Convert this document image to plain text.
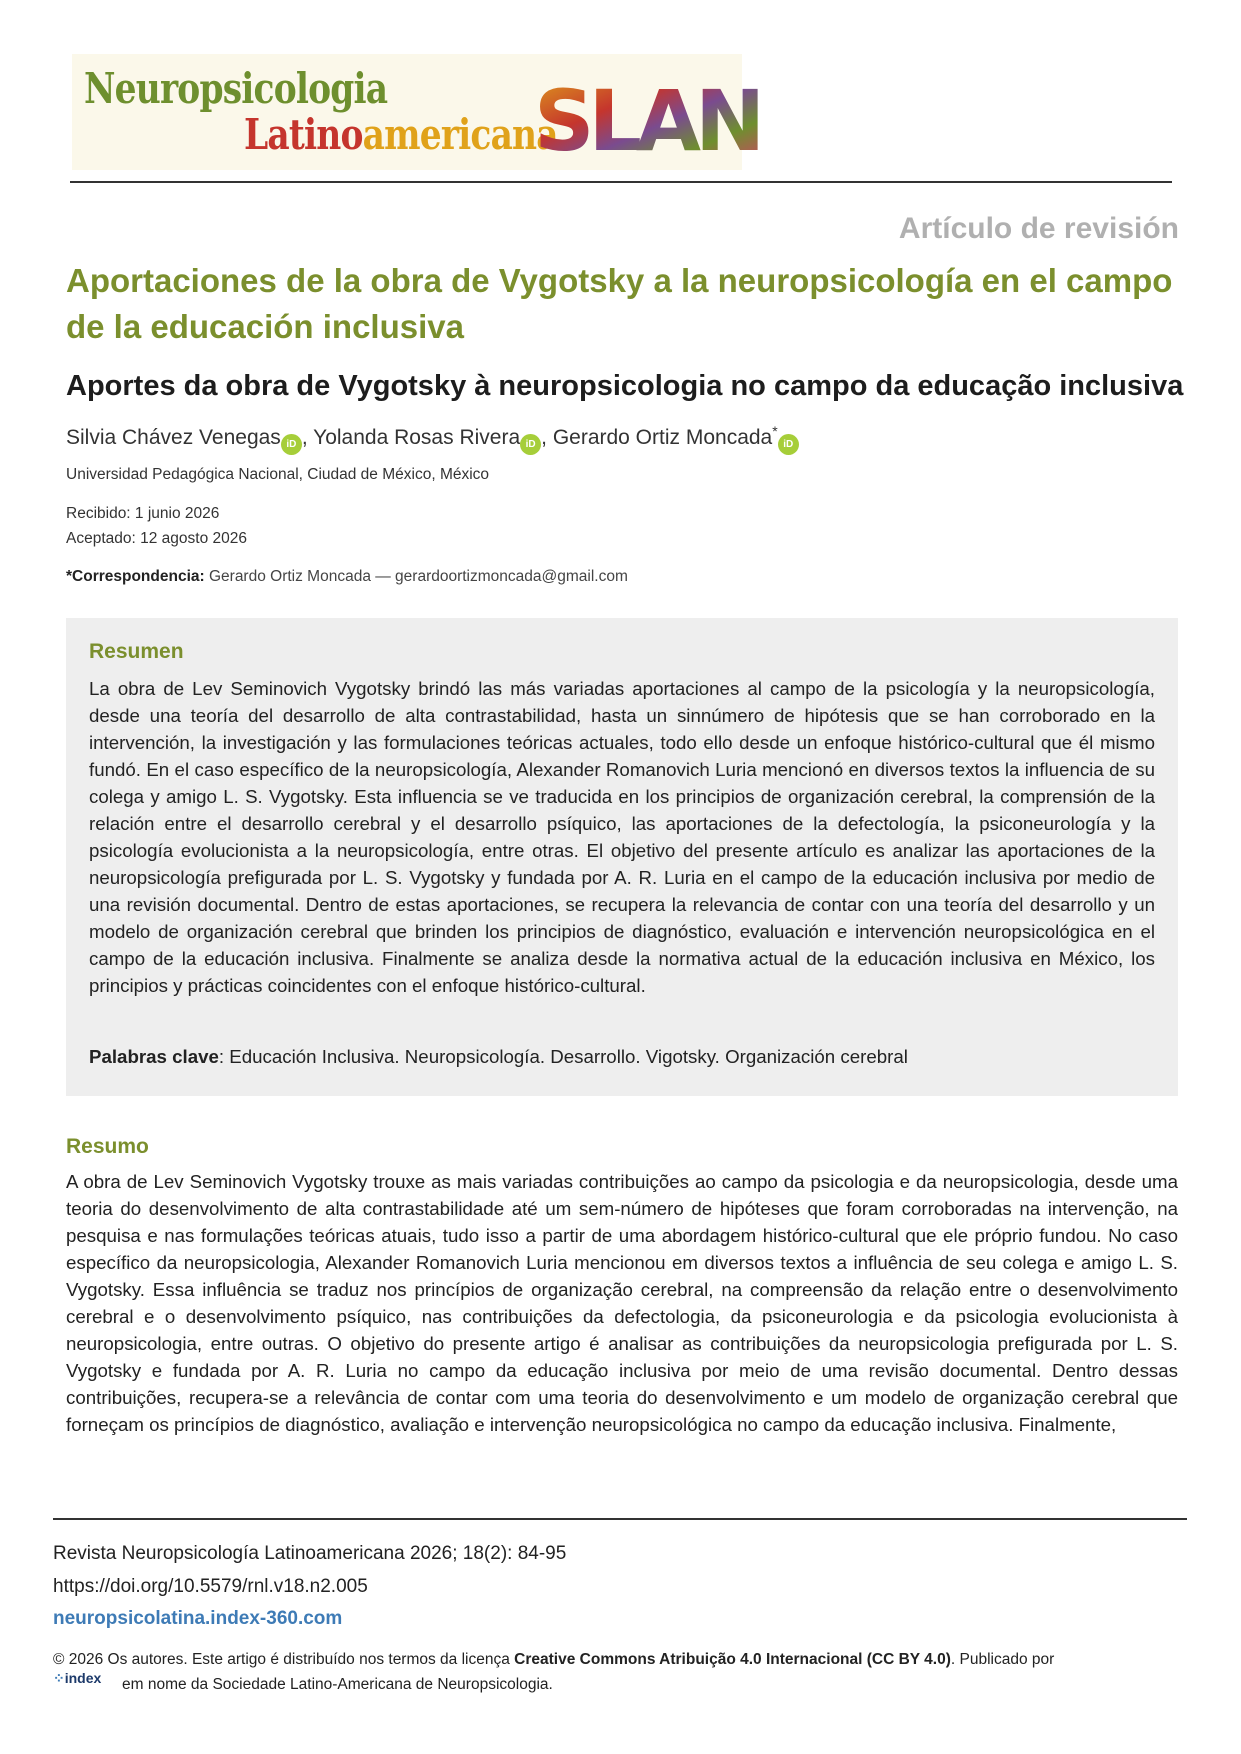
Neuropsicologia
Latinoamericana
SLAN
Artículo de revisión
Aportaciones de la obra de Vygotsky a la neuropsicología en el campo de la educación inclusiva
Aportes da obra de Vygotsky à neuropsicologia no campo da educação inclusiva
Silvia Chávez Venegas iD , Yolanda Rosas Rivera iD , Gerardo Ortiz Moncada*iD
Universidad Pedagógica Nacional, Ciudad de México, México
Recibido: 1 junio 2026
Aceptado: 12 agosto 2026
*Correspondencia: Gerardo Ortiz Moncada — gerardoortizmoncada@gmail.com
Resumen
La obra de Lev Seminovich Vygotsky brindó las más variadas aportaciones al campo de la psicología y la neuropsicología, desde una teoría del desarrollo de alta contrastabilidad, hasta un sinnúmero de hipótesis que se han corroborado en la intervención, la investigación y las formulaciones teóricas actuales, todo ello desde un enfoque histórico-cultural que él mismo fundó. En el caso específico de la neuropsicología, Alexander Romanovich Luria mencionó en diversos textos la influencia de su colega y amigo L. S. Vygotsky. Esta influencia se ve traducida en los principios de organización cerebral, la comprensión de la relación entre el desarrollo cerebral y el desarrollo psíquico, las aportaciones de la defectología, la psiconeurología y la psicología evolucionista a la neuropsicología, entre otras. El objetivo del presente artículo es analizar las aportaciones de la neuropsicología prefigurada por L. S. Vygotsky y fundada por A. R. Luria en el campo de la educación inclusiva por medio de una revisión documental. Dentro de estas aportaciones, se recupera la relevancia de contar con una teoría del desarrollo y un modelo de organización cerebral que brinden los principios de diagnóstico, evaluación e intervención neuropsicológica en el campo de la educación inclusiva. Finalmente se analiza desde la normativa actual de la educación inclusiva en México, los principios y prácticas coincidentes con el enfoque histórico-cultural.
Palabras clave: Educación Inclusiva. Neuropsicología. Desarrollo. Vigotsky. Organización cerebral
Resumo
A obra de Lev Seminovich Vygotsky trouxe as mais variadas contribuições ao campo da psicologia e da neuropsicologia, desde uma teoria do desenvolvimento de alta contrastabilidade até um sem-número de hipóteses que foram corroboradas na intervenção, na pesquisa e nas formulações teóricas atuais, tudo isso a partir de uma abordagem histórico-cultural que ele próprio fundou. No caso específico da neuropsicologia, Alexander Romanovich Luria mencionou em diversos textos a influência de seu colega e amigo L. S. Vygotsky. Essa influência se traduz nos princípios de organização cerebral, na compreensão da relação entre o desenvolvimento cerebral e o desenvolvimento psíquico, nas contribuições da defectologia, da psiconeurologia e da psicologia evolucionista à neuropsicologia, entre outras. O objetivo do presente artigo é analisar as contribuições da neuropsicologia prefigurada por L. S. Vygotsky e fundada por A. R. Luria no campo da educação inclusiva por meio de uma revisão documental. Dentro dessas contribuições, recupera-se a relevância de contar com uma teoria do desenvolvimento e um modelo de organização cerebral que forneçam os princípios de diagnóstico, avaliação e intervenção neuropsicológica no campo da educação inclusiva. Finalmente,
Revista Neuropsicología Latinoamericana 2026; 18(2): 84-95
https://doi.org/10.5579/rnl.v18.n2.005
neuropsicolatina.index-360.com
© 2026 Os autores. Este artigo é distribuído nos termos da licença Creative Commons Atribuição 4.0 Internacional (CC BY 4.0). Publicado por
⁘index em nome da Sociedade Latino-Americana de Neuropsicologia.
